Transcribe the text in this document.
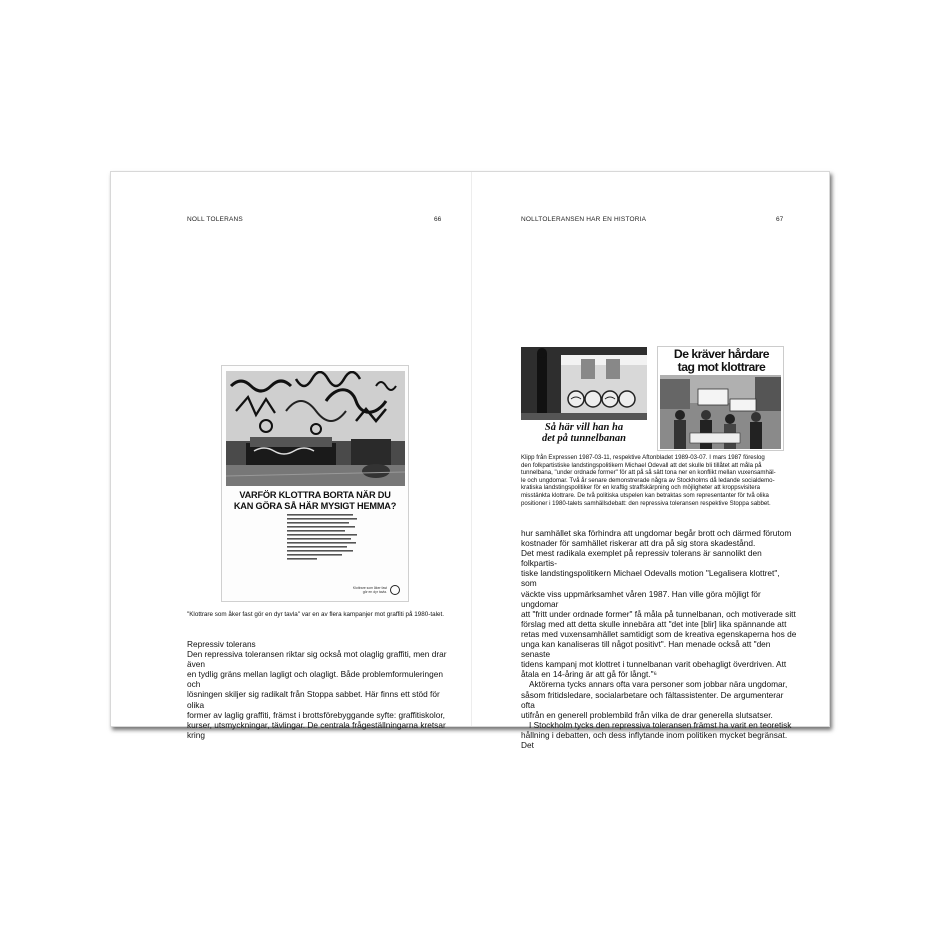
NOLL TOLERANS	66
VARFÖR KLOTTRA BORTA NÄR DU
KAN GÖRA SÅ HÄR MYSIGT HEMMA?
Klottrare som åker fast
gör en dyr tavla.
"Klottrare som åker fast gör en dyr tavla" var en av flera kampanjer mot graffiti på 1980-talet.

Repressiv tolerans

Den repressiva toleransen riktar sig också mot olaglig graffiti, men drar även

en tydlig gräns mellan lagligt och olagligt. Både problemformuleringen och

lösningen skiljer sig radikalt från Stoppa sabbet. Här finns ett stöd för olika

former av laglig graffiti, främst i brottsförebyggande syfte: graffitiskolor,

kurser, utsmyckningar, tävlingar. De centrala frågeställningarna kretsar kring

NOLLTOLERANSEN HAR EN HISTORIA	67
Så här vill han ha
det på tunnelbanan
De kräver hårdare
tag mot klottrare
Klipp från Expressen 1987-03-11, respektive Aftonbladet 1989-03-07. I mars 1987 föreslog
den folkpartistiske landstingspolitikern Michael Odevall att det skulle bli tillåtet att måla på
tunnelbana, "under ordnade former" för att på så sätt tona ner en konflikt mellan vuxensamhäl-
le och ungdomar. Två år senare demonstrerade några av Stockholms då ledande socialdemo-
kratiska landstingspolitiker för en kraftig straffskärpning och möjligheter att kroppsvisitera
misstänkta klottrare. De två politiska utspelen kan betraktas som representanter för två olika
positioner i 1980-talets samhällsdebatt: den repressiva toleransen respektive Stoppa sabbet.

hur samhället ska förhindra att ungdomar begår brott och därmed förutom

kostnader för samhället riskerar att dra på sig stora skadestånd.

Det mest radikala exemplet på repressiv tolerans är sannolikt den folkpartis-

tiske landstingspolitikern Michael Odevalls motion "Legalisera klottret", som

väckte viss uppmärksamhet våren 1987. Han ville göra möjligt för ungdomar

att "fritt under ordnade former" få måla på tunnelbanan, och motiverade sitt

förslag med att detta skulle innebära att "det inte [blir] lika spännande att

retas med vuxensamhället samtidigt som de kreativa egenskaperna hos de

unga kan kanaliseras till något positivt". Han menade också att "den senaste

tidens kampanj mot klottret i tunnelbanan varit obehagligt överdriven. Att

åtala en 14-åring är att gå för långt."⁶

Aktörerna tycks annars ofta vara personer som jobbar nära ungdomar,

såsom fritidsledare, socialarbetare och fältassistenter. De argumenterar ofta

utifrån en generell problembild från vilka de drar generella slutsatser.

I Stockholm tycks den repressiva toleransen främst ha varit en teoretisk

hållning i debatten, och dess inflytande inom politiken mycket begränsat. Det
